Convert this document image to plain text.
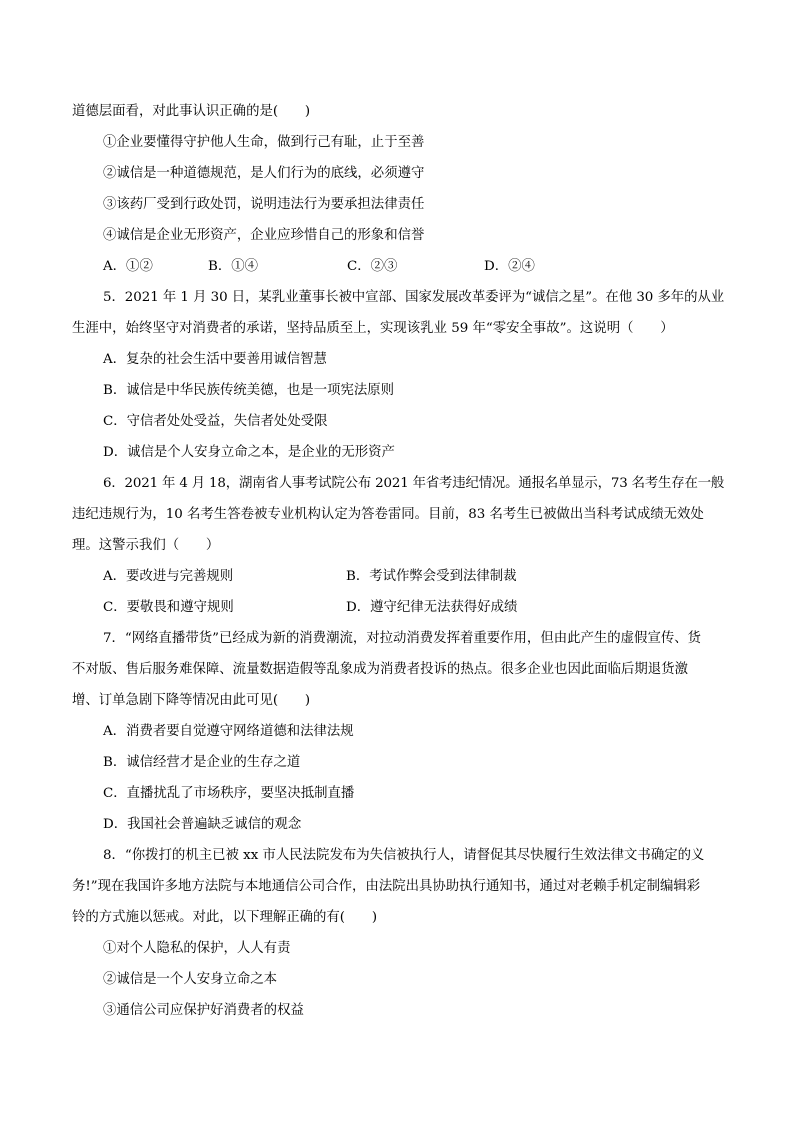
道德层面看，对此事认识正确的是(　　)
①企业要懂得守护他人生命，做到行己有耻，止于至善
②诚信是一种道德规范，是人们行为的底线，必须遵守
③该药厂受到行政处罚，说明违法行为要承担法律责任
④诚信是企业无形资产，企业应珍惜自己的形象和信誉
A．①②	B．①④	C．②③	D．②④
5．2021 年 1 月 30 日，某乳业董事长被中宣部、国家发展改革委评为“诚信之星”。在他 30 多年的从业
生涯中，始终坚守对消费者的承诺，坚持品质至上，实现该乳业 59 年“零安全事故”。这说明（　　）
A．复杂的社会生活中要善用诚信智慧
B．诚信是中华民族传统美德，也是一项宪法原则
C．守信者处处受益，失信者处处受限
D．诚信是个人安身立命之本，是企业的无形资产
6．2021 年 4 月 18，湖南省人事考试院公布 2021 年省考违纪情况。通报名单显示，73 名考生存在一般
违纪违规行为，10 名考生答卷被专业机构认定为答卷雷同。目前，83 名考生已被做出当科考试成绩无效处
理。这警示我们（　　）
A．要改进与完善规则	B．考试作弊会受到法律制裁
C．要敬畏和遵守规则	D．遵守纪律无法获得好成绩
7．“网络直播带货”已经成为新的消费潮流，对拉动消费发挥着重要作用，但由此产生的虚假宣传、货
不对版、售后服务难保障、流量数据造假等乱象成为消费者投诉的热点。很多企业也因此面临后期退货激
增、订单急剧下降等情况由此可见(　　)
A．消费者要自觉遵守网络道德和法律法规
B．诚信经营才是企业的生存之道
C．直播扰乱了市场秩序，要坚决抵制直播
D．我国社会普遍缺乏诚信的观念
8．“你拨打的机主已被 xx 市人民法院发布为失信被执行人，请督促其尽快履行生效法律文书确定的义
务!”现在我国许多地方法院与本地通信公司合作，由法院出具协助执行通知书，通过对老赖手机定制编辑彩
铃的方式施以惩戒。对此，以下理解正确的有(　　)
①对个人隐私的保护，人人有责
②诚信是一个人安身立命之本
③通信公司应保护好消费者的权益
